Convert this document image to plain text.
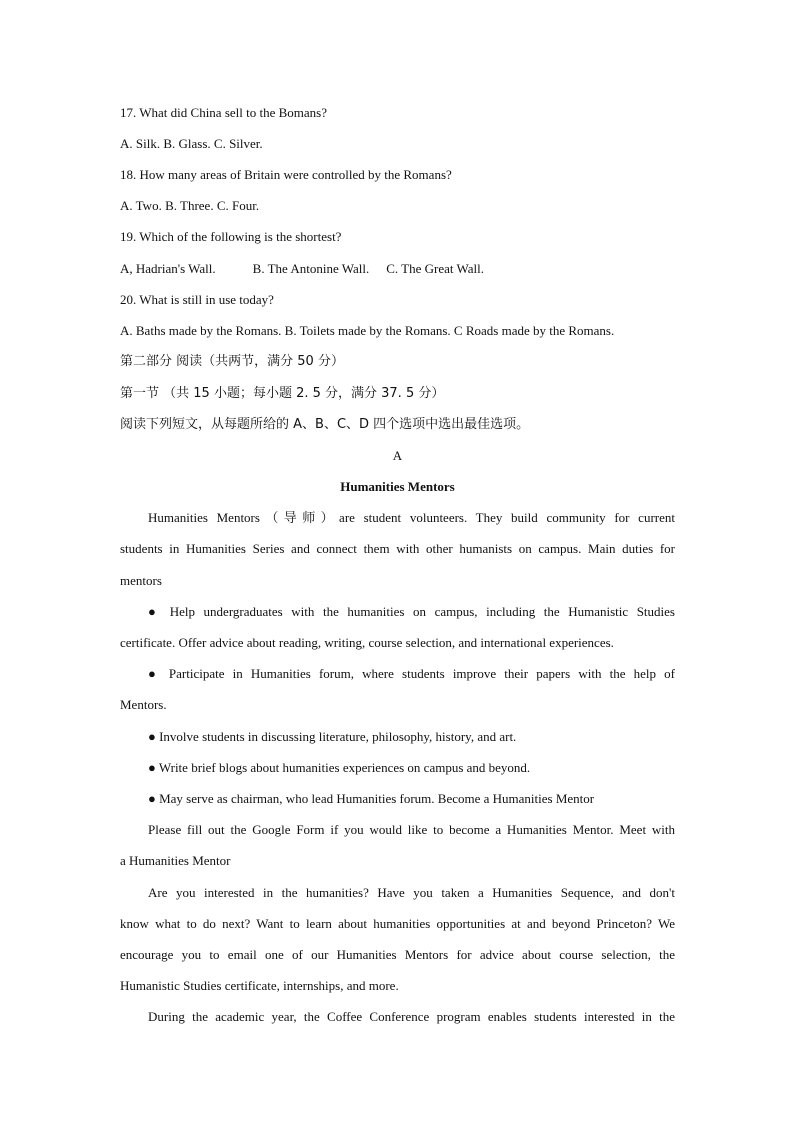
17. What did China sell to the Bomans?
A. Silk. B. Glass. C. Silver.
18. How many areas of Britain were controlled by the Romans?
A. Two. B. Three. C. Four.
19. Which of the following is the shortest?
A, Hadrian's Wall.	B. The Antonine Wall. C. The Great Wall.
20. What is still in use today?
A. Baths made by the Romans. B. Toilets made by the Romans. C Roads made by the Romans.
第二部分 阅读（共两节，满分 50 分）
第一节 （共 15 小题；每小题 2. 5 分，满分 37. 5 分）
阅读下列短文，从每题所给的 A、B、C、D 四个选项中选出最佳选项。
A
Humanities Mentors
Humanities Mentors（导师）are student volunteers. They build community for current
students in Humanities Series and connect them with other humanists on campus. Main duties for
mentors
● Help undergraduates with the humanities on campus, including the Humanistic Studies
certificate. Offer advice about reading, writing, course selection, and international experiences.
● Participate in Humanities forum, where students improve their papers with the help of
Mentors.
● Involve students in discussing literature, philosophy, history, and art.
● Write brief blogs about humanities experiences on campus and beyond.
● May serve as chairman, who lead Humanities forum. Become a Humanities Mentor
Please fill out the Google Form if you would like to become a Humanities Mentor. Meet with
a Humanities Mentor
Are you interested in the humanities? Have you taken a Humanities Sequence, and don't
know what to do next? Want to learn about humanities opportunities at and beyond Princeton? We
encourage you to email one of our Humanities Mentors for advice about course selection, the
Humanistic Studies certificate, internships, and more.
During the academic year, the Coffee Conference program enables students interested in the
